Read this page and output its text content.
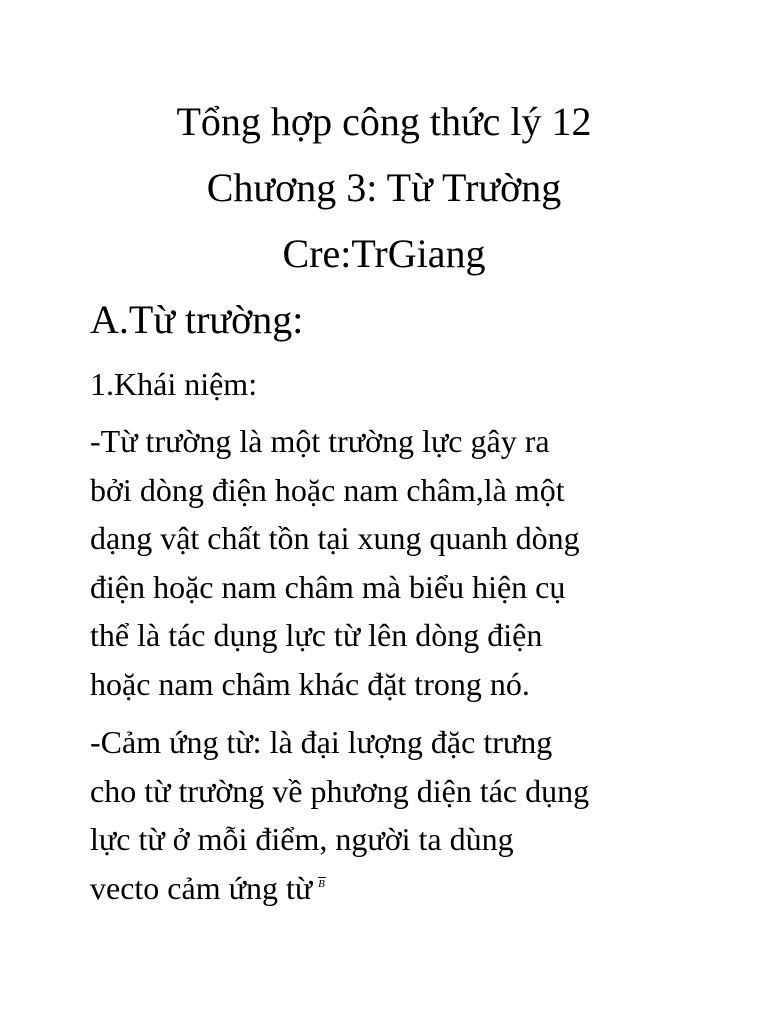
Tổng hợp công thức lý 12
Chương 3: Từ Trường
Cre:TrGiang
A.Từ trường:
1.Khái niệm:
-Từ trường là một trường lực gây ra
bởi dòng điện hoặc nam châm,là một
dạng vật chất tồn tại xung quanh dòng
điện hoặc nam châm mà biểu hiện cụ
thể là tác dụng lực từ lên dòng điện
hoặc nam châm khác đặt trong nó.
-Cảm ứng từ: là đại lượng đặc trưng
cho từ trường về phương diện tác dụng
lực từ ở mỗi điểm, người ta dùng
vecto cảm ứng từ B
